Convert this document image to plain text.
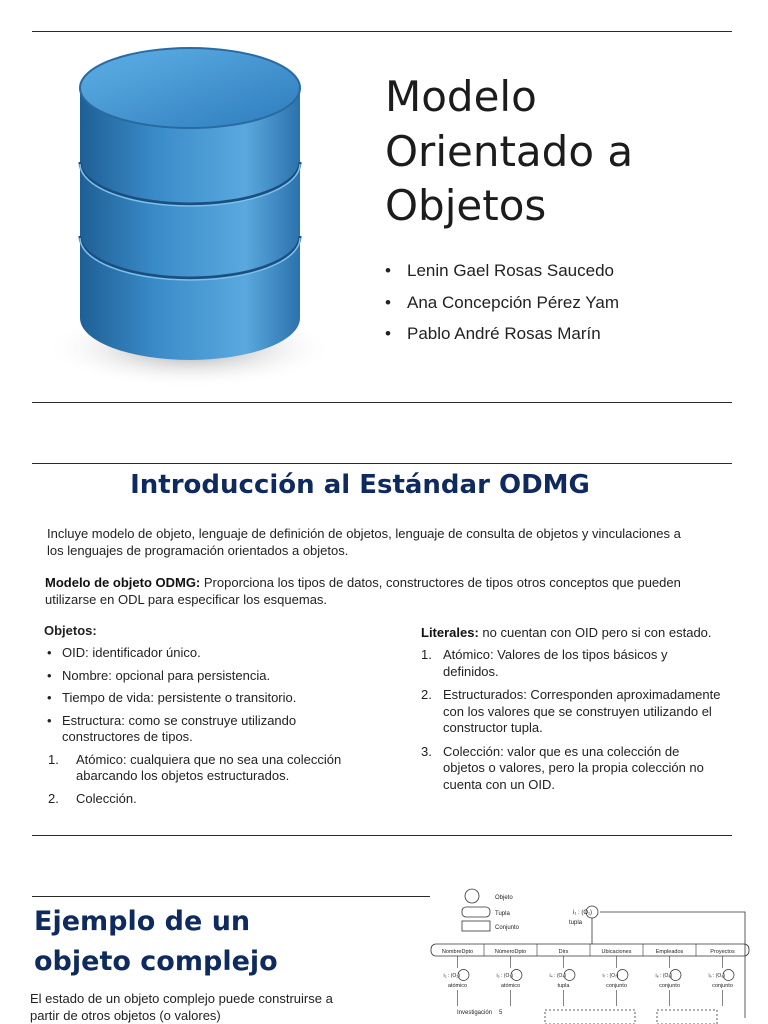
Modelo
Orientado a
Objetos
• Lenin Gael Rosas Saucedo
• Ana Concepción Pérez Yam
• Pablo André Rosas Marín
Introducción al Estándar ODMG
Incluye modelo de objeto, lenguaje de definición de objetos, lenguaje de consulta de objetos y vinculaciones a los lenguajes de programación orientados a objetos.
Modelo de objeto ODMG: Proporciona los tipos de datos, constructores de tipos otros conceptos que pueden utilizarse en ODL para especificar los esquemas.
Objetos:
• OID: identificador único.
• Nombre: opcional para persistencia.
• Tiempo de vida: persistente o transitorio.
• Estructura: como se construye utilizando constructores de tipos.
1. Atómico: cualquiera que no sea una colección abarcando los objetos estructurados.
2. Colección.
Literales: no cuentan con OID pero si con estado.
1. Atómico: Valores de los tipos básicos y definidos.
2. Estructurados: Corresponden aproximadamente con los valores que se construyen utilizando el constructor tupla.
3. Colección: valor que es una colección de objetos o valores, pero la propia colección no cuenta con un OID.
Ejemplo de un objeto complejo
El estado de un objeto complejo puede construirse a partir de otros objetos (o valores)
Objeto
Tupla
Conjunto
i₁ : (O₁)
tupla
NombreDpto	NúmeroDpto	Dirs	Ubicaciones	Empleados	Proyectos
i₂ : (O₂)
atómico
i₃ : (O₃)
atómico
i₄ : (O₄)
tupla
i₇ : (O₇)
conjunto
i₈ : (O₈)
conjunto
i₉ : (O₉)
conjunto
Investigación 5
